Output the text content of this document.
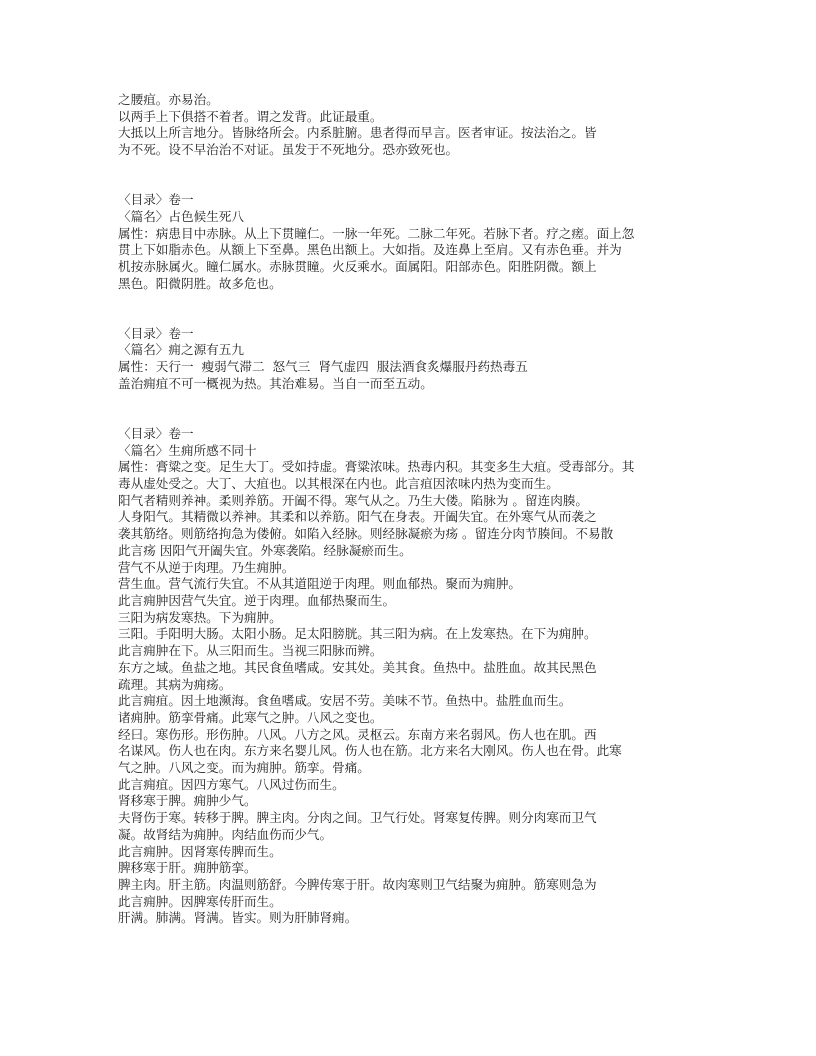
之腰疽。亦易治。
以两手上下俱搭不着者。谓之发背。此证最重。
大抵以上所言地分。皆脉络所会。内系脏腑。患者得而早言。医者审证。按法治之。皆
为不死。设不早治治不对证。虽发于不死地分。恐亦致死也。

〈目录〉卷一
〈篇名〉占色候生死八
属性：病患目中赤脉。从上下贯瞳仁。一脉一年死。二脉二年死。若脉下者。疗之瘥。面上忽
贯上下如脂赤色。从额上下至鼻。黑色出额上。大如指。及连鼻上至肩。又有赤色垂。并为
机按赤脉属火。瞳仁属水。赤脉贯瞳。火反乘水。面属阳。阳部赤色。阳胜阴微。额上
黑色。阳微阴胜。故多危也。

〈目录〉卷一
〈篇名〉痈之源有五九
属性：天行一  瘦弱气滞二  怒气三  肾气虚四  服法酒食炙爆服丹药热毒五
盖治痈疽不可一概视为热。其治难易。当自一而至五动。

〈目录〉卷一
〈篇名〉生痈所感不同十
属性：膏粱之变。足生大丁。受如持虚。膏粱浓味。热毒内积。其变多生大疽。受毒部分。其
毒从虚处受之。大丁、大疽也。以其根深在内也。此言疽因浓味内热为变而生。
阳气者精则养神。柔则养筋。开阖不得。寒气从之。乃生大偻。陷脉为 。留连肉腠。
人身阳气。其精微以养神。其柔和以养筋。阳气在身表。开阖失宜。在外寒气从而袭之
袭其筋络。则筋络拘急为偻俯。如陷入经脉。则经脉凝瘀为疡 。留连分肉节腠间。不易散
此言疡 因阳气开阖失宜。外寒袭陷。经脉凝瘀而生。
营气不从逆于肉理。乃生痈肿。
营生血。营气流行失宜。不从其道阻逆于肉理。则血郁热。聚而为痈肿。
此言痈肿因营气失宜。逆于肉理。血郁热聚而生。
三阳为病发寒热。下为痈肿。
三阳。手阳明大肠。太阳小肠。足太阳膀胱。其三阳为病。在上发寒热。在下为痈肿。
此言痈肿在下。从三阳而生。当视三阳脉而辨。
东方之域。鱼盐之地。其民食鱼嗜咸。安其处。美其食。鱼热中。盐胜血。故其民黑色
疏理。其病为痈疡。
此言痈疽。因土地濒海。食鱼嗜咸。安居不劳。美味不节。鱼热中。盐胜血而生。
诸痈肿。筋挛骨痛。此寒气之肿。八风之变也。
经曰。寒伤形。形伤肿。八风。八方之风。灵枢云。东南方来名弱风。伤人也在肌。西
名谋风。伤人也在肉。东方来名婴儿风。伤人也在筋。北方来名大刚风。伤人也在骨。此寒
气之肿。八风之变。而为痈肿。筋挛。骨痛。
此言痈疽。因四方寒气。八风过伤而生。
肾移寒于脾。痈肿少气。
夫肾伤于寒。转移于脾。脾主肉。分肉之间。卫气行处。肾寒复传脾。则分肉寒而卫气
凝。故肾结为痈肿。肉结血伤而少气。
此言痈肿。因肾寒传脾而生。
脾移寒于肝。痈肿筋挛。
脾主肉。肝主筋。肉温则筋舒。今脾传寒于肝。故肉寒则卫气结聚为痈肿。筋寒则急为
此言痈肿。因脾寒传肝而生。
肝满。肺满。肾满。皆实。则为肝肺肾痈。
